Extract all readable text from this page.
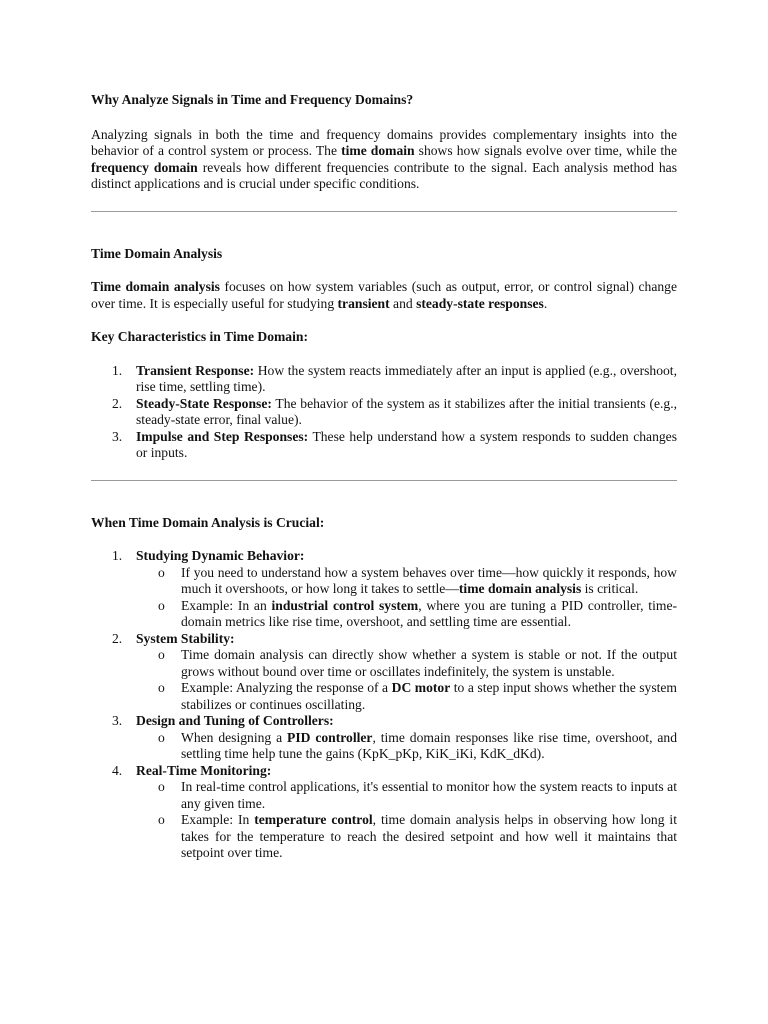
Why Analyze Signals in Time and Frequency Domains?

Analyzing signals in both the time and frequency domains provides complementary insights into the behavior of a control system or process. The time domain shows how signals evolve over time, while the frequency domain reveals how different frequencies contribute to the signal. Each analysis method has distinct applications and is crucial under specific conditions.

Time Domain Analysis

Time domain analysis focuses on how system variables (such as output, error, or control signal) change over time. It is especially useful for studying transient and steady-state responses.

Key Characteristics in Time Domain:
1. Transient Response: How the system reacts immediately after an input is applied (e.g., overshoot, rise time, settling time).
2. Steady-State Response: The behavior of the system as it stabilizes after the initial transients (e.g., steady-state error, final value).
3. Impulse and Step Responses: These help understand how a system responds to sudden changes or inputs.
When Time Domain Analysis is Crucial:
1. Studying Dynamic Behavior:
o If you need to understand how a system behaves over time—how quickly it responds, how much it overshoots, or how long it takes to settle—time domain analysis is critical.
o Example: In an industrial control system, where you are tuning a PID controller, time-domain metrics like rise time, overshoot, and settling time are essential.
2. System Stability:
o Time domain analysis can directly show whether a system is stable or not. If the output grows without bound over time or oscillates indefinitely, the system is unstable.
o Example: Analyzing the response of a DC motor to a step input shows whether the system stabilizes or continues oscillating.
3. Design and Tuning of Controllers:
o When designing a PID controller, time domain responses like rise time, overshoot, and settling time help tune the gains (KpK_pKp, KiK_iKi, KdK_dKd).
4. Real-Time Monitoring:
o In real-time control applications, it's essential to monitor how the system reacts to inputs at any given time.
o Example: In temperature control, time domain analysis helps in observing how long it takes for the temperature to reach the desired setpoint and how well it maintains that setpoint over time.
